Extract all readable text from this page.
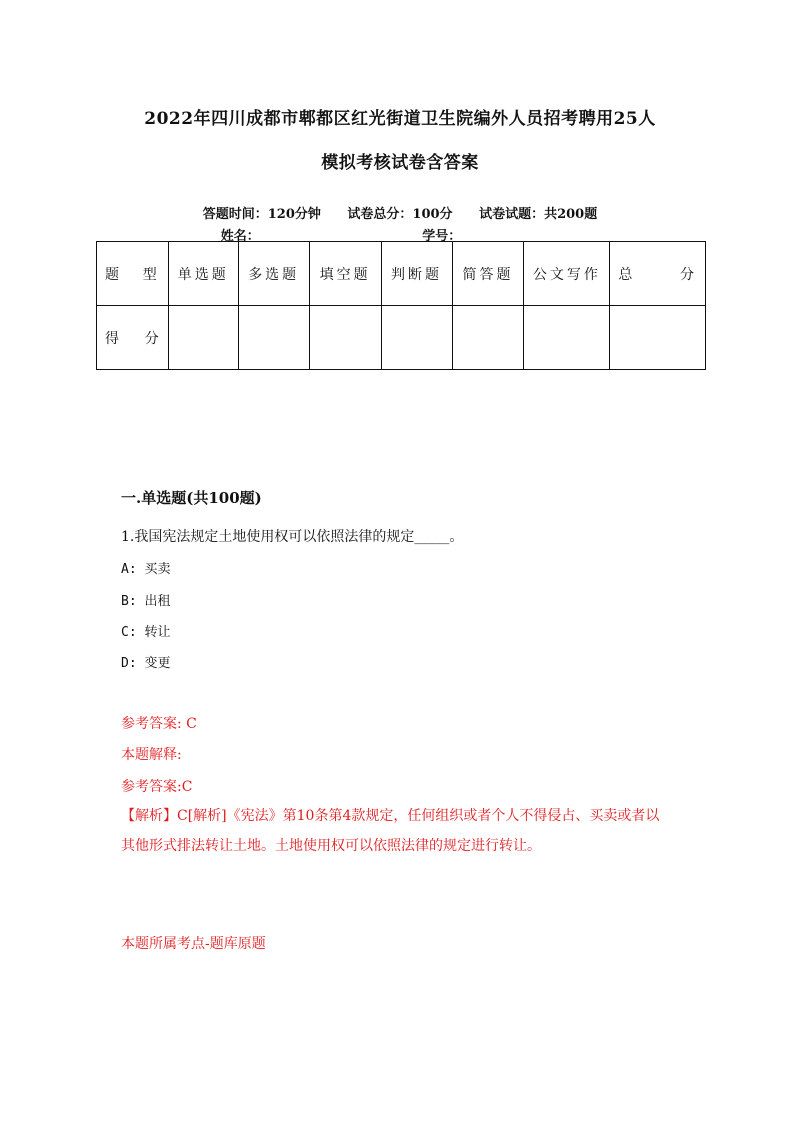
2022年四川成都市郫都区红光街道卫生院编外人员招考聘用25人
模拟考核试卷含答案
答题时间：120分钟 试卷总分：100分 试卷试题：共200题
姓名：	学号：
题 型	单选题	多选题	填空题	判断题	简答题	公文写作	总 分

得 分							

一.单选题(共100题)
1.我国宪法规定土地使用权可以依照法律的规定_____。
A: 买卖
B: 出租
C: 转让
D: 变更
参考答案: C
本题解释:
参考答案:C
【解析】C[解析]《宪法》第10条第4款规定，任何组织或者个人不得侵占、买卖或者以其他形式排法转让土地。土地使用权可以依照法律的规定进行转让。
本题所属考点-题库原题
